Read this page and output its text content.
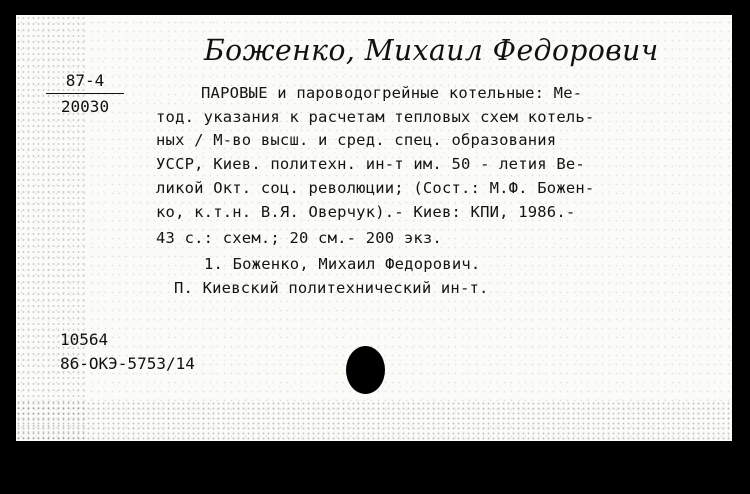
Боженко, Михаил Федорович
87-4
20030
ПАРОВЫЕ и пароводогрейные котельные: Ме-
тод. указания к расчетам тепловых схем котель-
ных / М-во высш. и сред. спец. образования
УССР, Киев. политехн. ин-т им. 50 - летия Ве-
ликой Окт. соц. революции; (Сост.: М.Ф. Божен-
ко, к.т.н. В.Я. Оверчук).- Киев: КПИ, 1986.-
43 с.: схем.; 20 см.- 200 экз.
1. Боженко, Михаил Федорович.
П. Киевский политехнический ин-т.
10564
86-ОКЭ-5753/14
